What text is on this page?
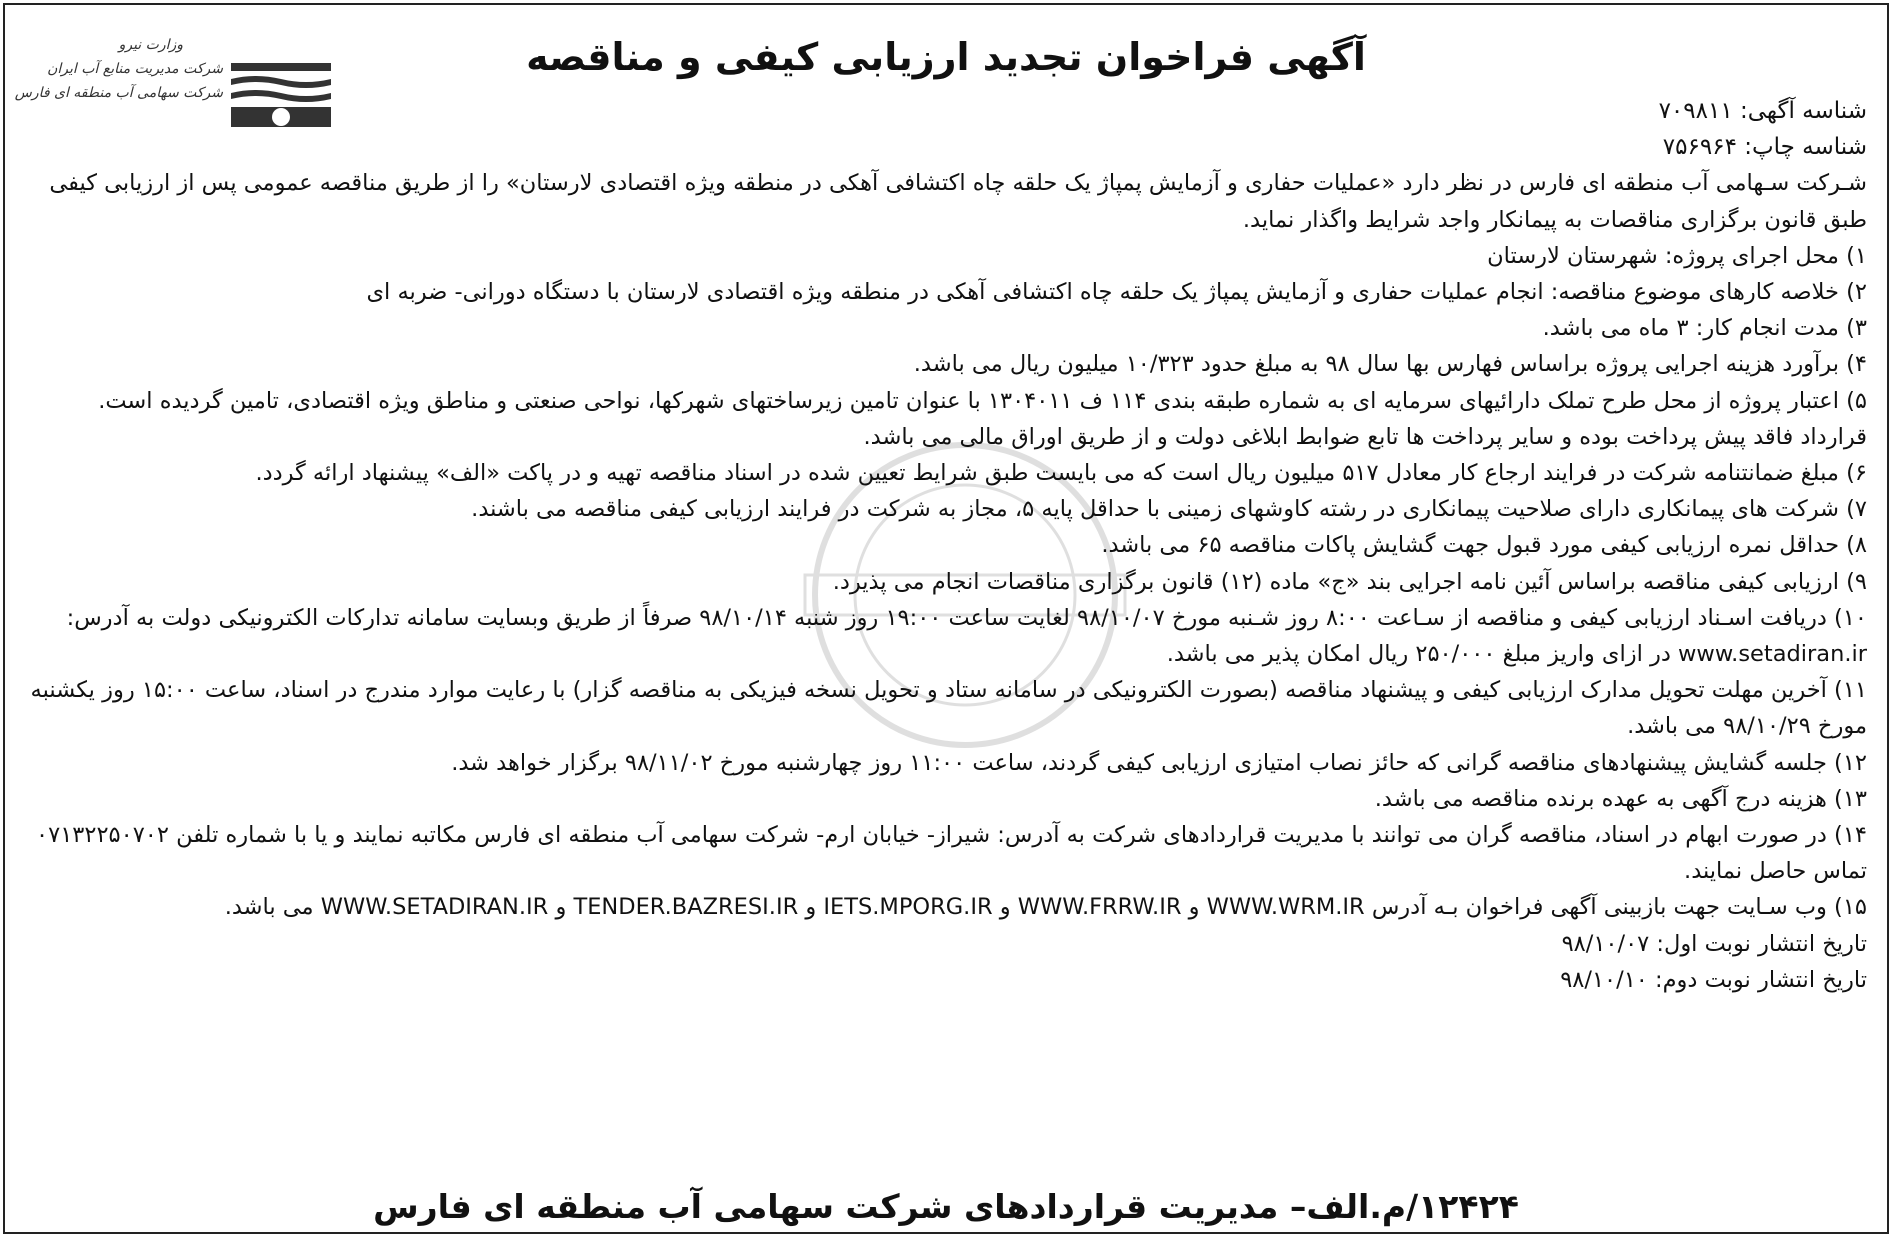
وزارت نیرو
شرکت مدیریت منابع آب ایران
شرکت سهامی آب منطقه ای فارس
آگهی فراخوان تجدید ارزیابی کیفی و مناقصه

شناسه آگهی: ۷۰۹۸۱۱

شناسه چاپ: ۷۵۶۹۶۴

شـرکت سـهامی آب منطقه ای فارس در نظر دارد «عملیات حفاری و آزمایش پمپاژ یک حلقه چاه اکتشافی آهکی در منطقه ویژه اقتصادی لارستان» را از طریق مناقصه عمومی پس از ارزیابی کیفی طبق قانون برگزاری مناقصات به پیمانکار واجد شرایط واگذار نماید.

۱) محل اجرای پروژه: شهرستان لارستان

۲) خلاصه کارهای موضوع مناقصه: انجام عملیات حفاری و آزمایش پمپاژ یک حلقه چاه اکتشافی آهکی در منطقه ویژه اقتصادی لارستان با دستگاه دورانی- ضربه ای

۳) مدت انجام کار: ۳ ماه می باشد.

۴) برآورد هزینه اجرایی پروژه براساس فهارس بها سال ۹۸ به مبلغ حدود ۱۰/۳۲۳ میلیون ریال می باشد.

۵) اعتبار پروژه از محل طرح تملک دارائیهای سرمایه ای به شماره طبقه بندی ۱۱۴ ف ۱۳۰۴۰۱۱ با عنوان تامین زیرساختهای شهرکها، نواحی صنعتی و مناطق ویژه اقتصادی، تامین گردیده است. قرارداد فاقد پیش پرداخت بوده و سایر پرداخت ها تابع ضوابط ابلاغی دولت و از طریق اوراق مالی می باشد.

۶) مبلغ ضمانتنامه شرکت در فرایند ارجاع کار معادل ۵۱۷ میلیون ریال است که می بایست طبق شرایط تعیین شده در اسناد مناقصه تهیه و در پاکت «الف» پیشنهاد ارائه گردد.

۷) شرکت های پیمانکاری دارای صلاحیت پیمانکاری در رشته کاوشهای زمینی با حداقل پایه ۵، مجاز به شرکت در فرایند ارزیابی کیفی مناقصه می باشند.

۸) حداقل نمره ارزیابی کیفی مورد قبول جهت گشایش پاکات مناقصه ۶۵ می باشد.

۹) ارزیابی کیفی مناقصه براساس آئین نامه اجرایی بند «ج» ماده (۱۲) قانون برگزاری مناقصات انجام می پذیرد.

۱۰) دریافت اسـناد ارزیابی کیفی و مناقصه از سـاعت ۸:۰۰ روز شـنبه مورخ ۹۸/۱۰/۰۷ لغایت ساعت ۱۹:۰۰ روز شنبه ۹۸/۱۰/۱۴ صرفاً از طریق وبسایت سامانه تدارکات الکترونیکی دولت به آدرس: www.setadiran.ir در ازای واریز مبلغ ۲۵۰/۰۰۰ ریال امکان پذیر می باشد.

۱۱) آخرین مهلت تحویل مدارک ارزیابی کیفی و پیشنهاد مناقصه (بصورت الکترونیکی در سامانه ستاد و تحویل نسخه فیزیکی به مناقصه گزار) با رعایت موارد مندرج در اسناد، ساعت ۱۵:۰۰ روز یکشنبه مورخ ۹۸/۱۰/۲۹ می باشد.

۱۲) جلسه گشایش پیشنهادهای مناقصه گرانی که حائز نصاب امتیازی ارزیابی کیفی گردند، ساعت ۱۱:۰۰ روز چهارشنبه مورخ ۹۸/۱۱/۰۲ برگزار خواهد شد.

۱۳) هزینه درج آگهی به عهده برنده مناقصه می باشد.

۱۴) در صورت ابهام در اسناد، مناقصه گران می توانند با مدیریت قراردادهای شرکت به آدرس: شیراز- خیابان ارم- شرکت سهامی آب منطقه ای فارس مکاتبه نمایند و یا با شماره تلفن ۰۷۱۳۲۲۵۰۷۰۲ تماس حاصل نمایند.

۱۵) وب سـایت جهت بازبینی آگهی فراخوان بـه آدرس WWW.WRM.IR و WWW.FRRW.IR و IETS.MPORG.IR و TENDER.BAZRESI.IR و WWW.SETADIRAN.IR می باشد.

تاریخ انتشار نوبت اول: ۹۸/۱۰/۰۷

تاریخ انتشار نوبت دوم: ۹۸/۱۰/۱۰

۱۲۴۲۴/م.الف– مدیریت قراردادهای شرکت سهامی آب منطقه ای فارس
